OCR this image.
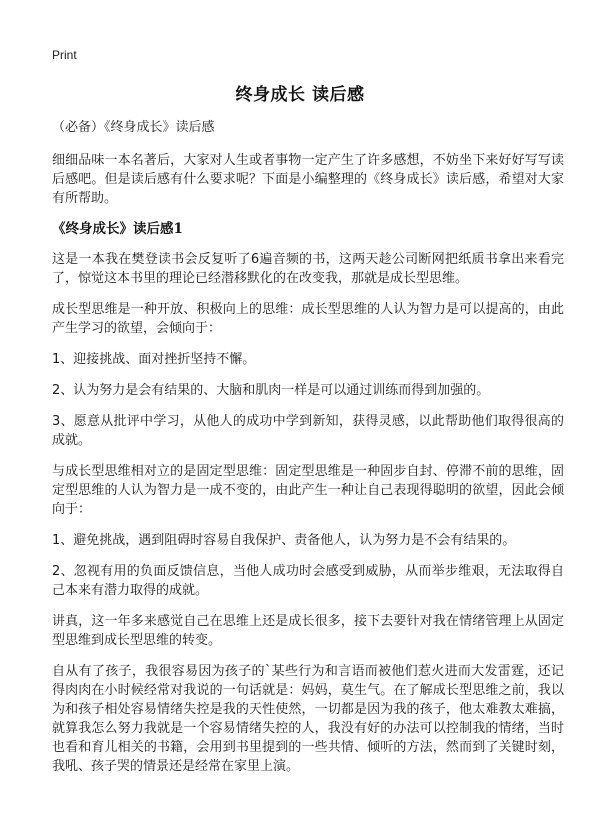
Print
终身成长 读后感

（必备）《终身成长》读后感

细细品味一本名著后，大家对人生或者事物一定产生了许多感想，不妨坐下来好好写写读后感吧。但是读后感有什么要求呢？下面是小编整理的《终身成长》读后感，希望对大家有所帮助。

《终身成长》读后感1

这是一本我在樊登读书会反复听了6遍音频的书，这两天趁公司断网把纸质书拿出来看完了，惊觉这本书里的理论已经潜移默化的在改变我，那就是成长型思维。

成长型思维是一种开放、积极向上的思维：成长型思维的人认为智力是可以提高的，由此产生学习的欲望，会倾向于：

1、迎接挑战、面对挫折坚持不懈。

2、认为努力是会有结果的、大脑和肌肉一样是可以通过训练而得到加强的。

3、愿意从批评中学习，从他人的成功中学到新知，获得灵感，以此帮助他们取得很高的成就。

与成长型思维相对立的是固定型思维：固定型思维是一种固步自封、停滞不前的思维，固定型思维的人认为智力是一成不变的，由此产生一种让自己表现得聪明的欲望，因此会倾向于：

1、避免挑战，遇到阻碍时容易自我保护、责备他人，认为努力是不会有结果的。

2、忽视有用的负面反馈信息，当他人成功时会感受到威胁，从而举步维艰，无法取得自己本来有潜力取得的成就。

讲真，这一年多来感觉自己在思维上还是成长很多，接下去要针对我在情绪管理上从固定型思维到成长型思维的转变。

自从有了孩子，我很容易因为孩子的`某些行为和言语而被他们惹火进而大发雷霆，还记得肉肉在小时候经常对我说的一句话就是：妈妈，莫生气。在了解成长型思维之前，我以为和孩子相处容易情绪失控是我的天性使然，一切都是因为我的孩子，他太难教太难搞，就算我怎么努力我就是一个容易情绪失控的人，我没有好的办法可以控制我的情绪，当时也看和育儿相关的书籍，会用到书里提到的一些共情、倾听的方法，然而到了关键时刻，我吼、孩子哭的情景还是经常在家里上演。
